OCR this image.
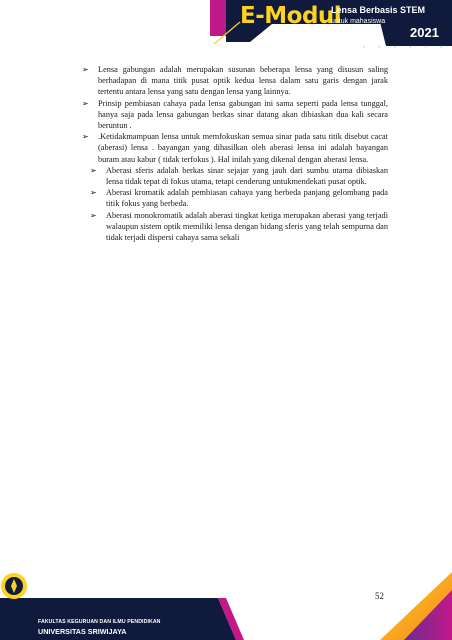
E-Modul
Lensa Berbasis STEM
untuk mahasiswa
2021
• • • • • •

➢ Lensa gabungan adalah merupakan susunan beberapa lensa yang disusun saling berhadapan di mana titik pusat optik kedua lensa dalam satu garis dengan jarak tertentu antara lensa yang satu dengan lensa yang lainnya.

➢ Prinsip pembiasan cahaya pada lensa gabungan ini sama seperti pada lensa tunggal, hanya saja pada lensa gabungan berkas sinar datang akan dibiaskan dua kali secara beruntun .

➢ .Ketidakmampuan lensa untuk memfokuskan semua sinar pada satu titik disebut cacat (aberasi) lensa . bayangan yang dihasilkan oleh aberasi lensa ini adalah bayangan buram atau kabur ( tidak terfokus ). Hal inilah yang dikenal dengan aberasi lensa.

➢ Aberasi sferis adalah berkas sinar sejajar yang jauh dari sumbu utama dibiaskan lensa tidak tepat di fokus utama, tetapi cenderung untukmendekati pusat optik.

➢ Aberasi kromatik adalah pembiasan cahaya yang berbeda panjang gelombang pada titik fokus yang berbeda.

➢ Aberasi monokromatik adalah aberasi tingkat ketiga merupakan aberasi yang terjadi walaupun sistem optik memiliki lensa dengan bidang sferis yang telah sempurna dan tidak terjadi dispersi cahaya sama sekali

52
FAKULTAS KEGURUAN DAN ILMU PENDIDIKAN
UNIVERSITAS SRIWIJAYA
